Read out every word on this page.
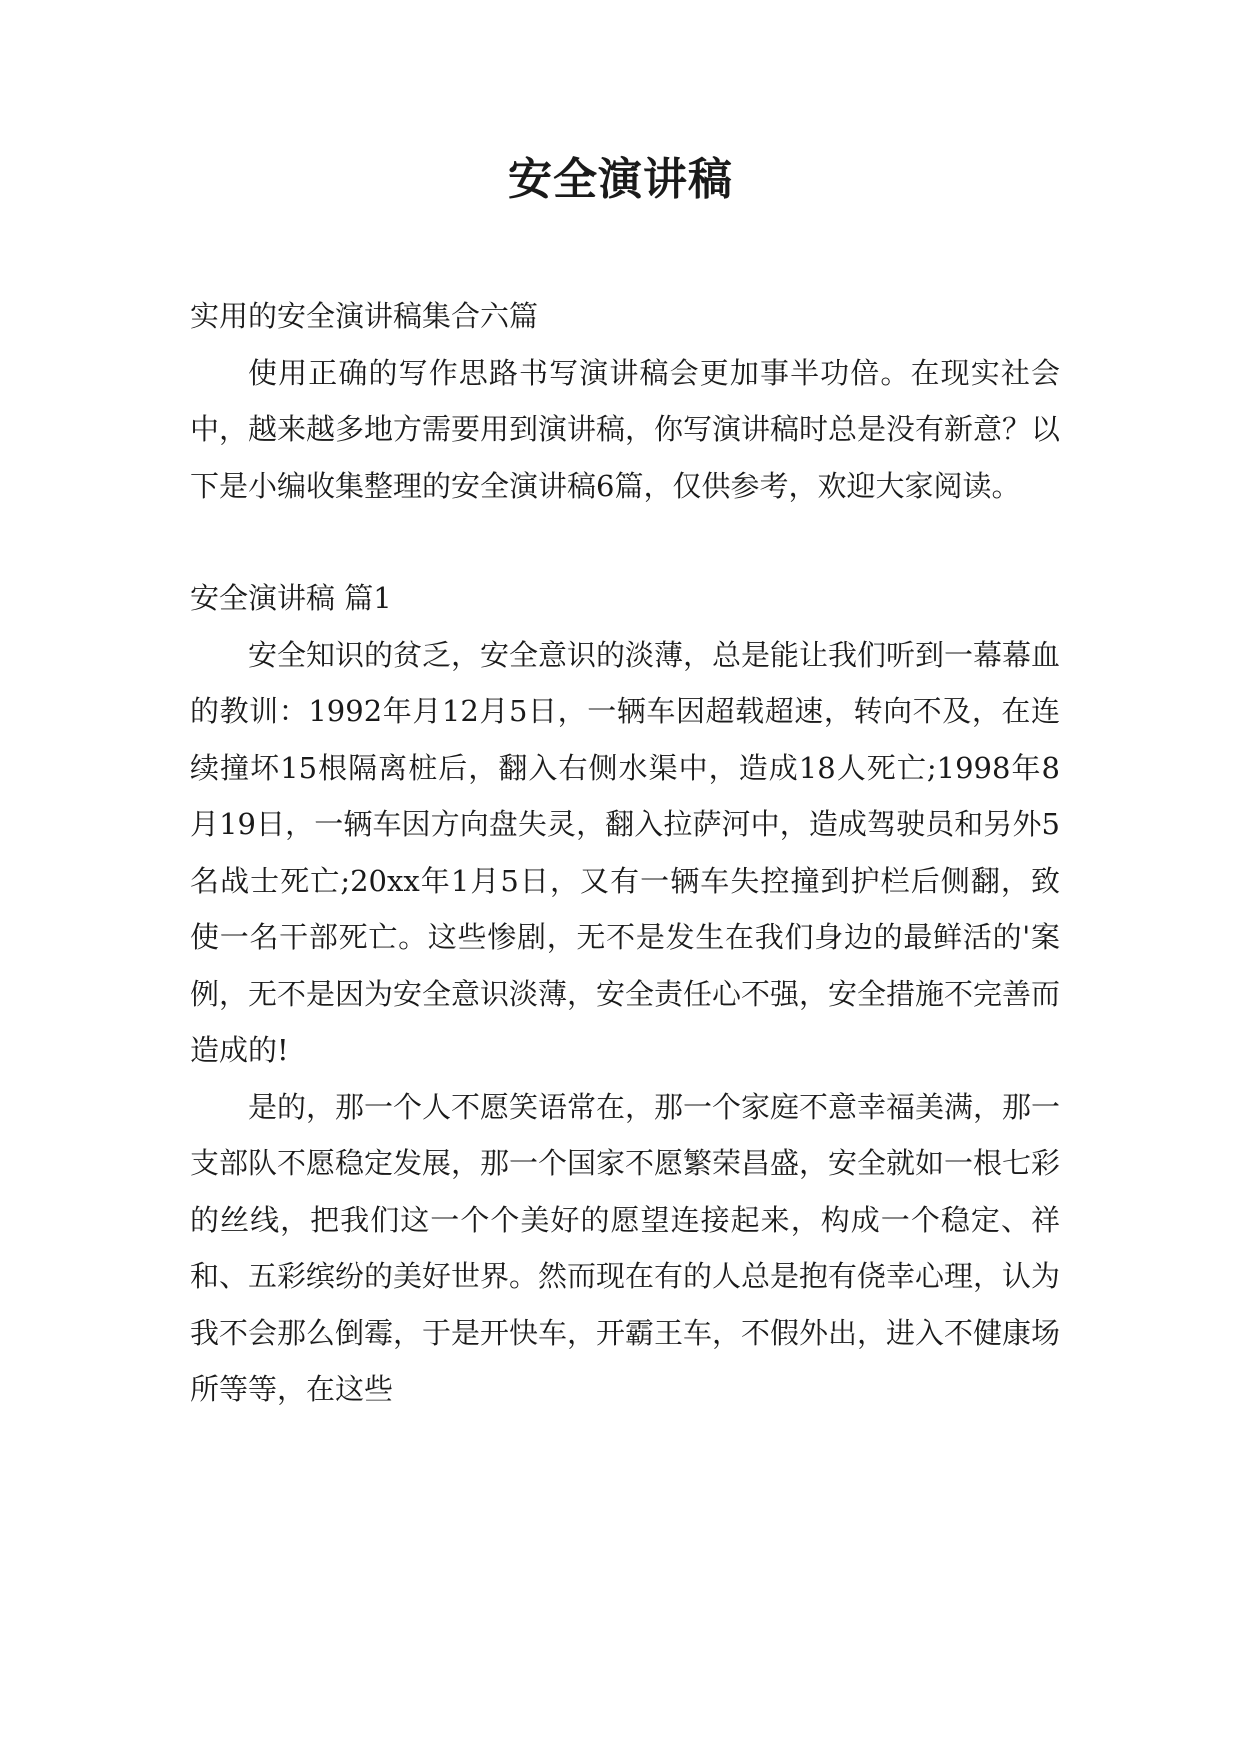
安全演讲稿

实用的安全演讲稿集合六篇

使用正确的写作思路书写演讲稿会更加事半功倍。在现实社会中，越来越多地方需要用到演讲稿，你写演讲稿时总是没有新意？以下是小编收集整理的安全演讲稿6篇，仅供参考，欢迎大家阅读。

安全演讲稿 篇1

安全知识的贫乏，安全意识的淡薄，总是能让我们听到一幕幕血的教训：1992年月12月5日，一辆车因超载超速，转向不及，在连续撞坏15根隔离桩后，翻入右侧水渠中，造成18人死亡;1998年8月19日，一辆车因方向盘失灵，翻入拉萨河中，造成驾驶员和另外5名战士死亡;20xx年1月5日，又有一辆车失控撞到护栏后侧翻，致使一名干部死亡。这些惨剧，无不是发生在我们身边的最鲜活的'案例，无不是因为安全意识淡薄，安全责任心不强，安全措施不完善而造成的!

是的，那一个人不愿笑语常在，那一个家庭不意幸福美满，那一支部队不愿稳定发展，那一个国家不愿繁荣昌盛，安全就如一根七彩的丝线，把我们这一个个美好的愿望连接起来，构成一个稳定、祥和、五彩缤纷的美好世界。然而现在有的人总是抱有侥幸心理，认为我不会那么倒霉，于是开快车，开霸王车，不假外出，进入不健康场所等等，在这些
